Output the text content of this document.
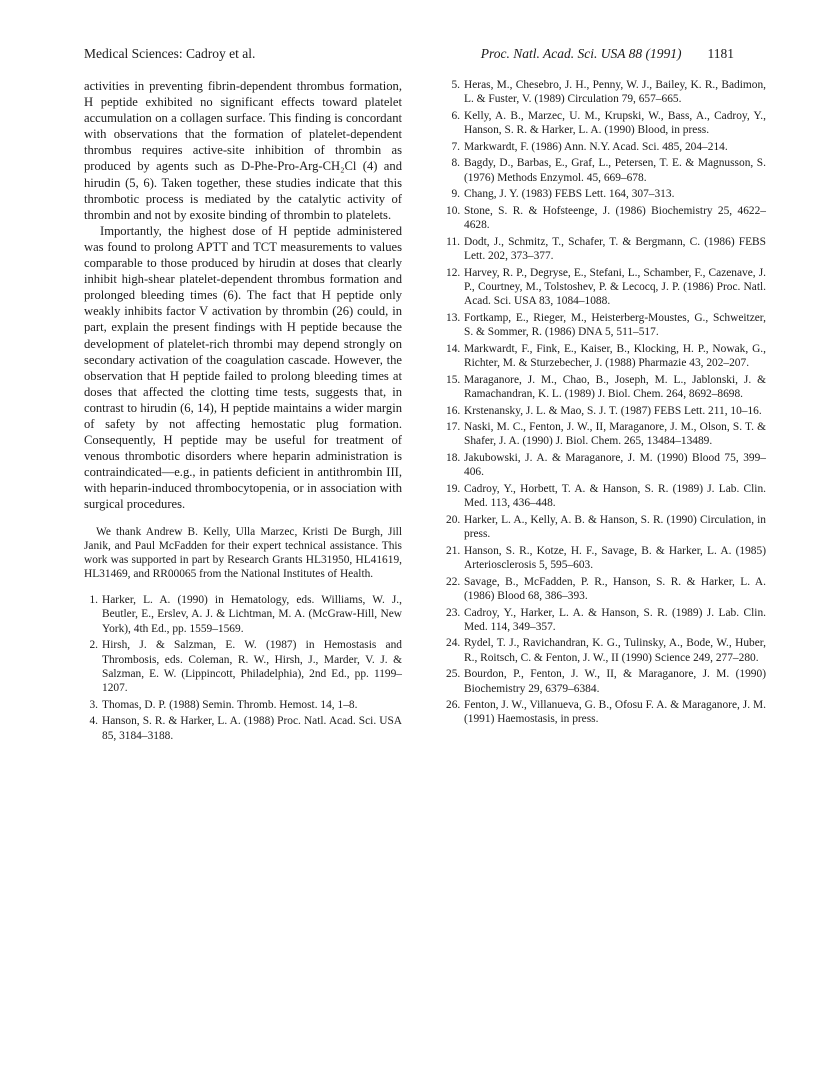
Medical Sciences: Cadroy et al.	Proc. Natl. Acad. Sci. USA 88 (1991) 1181

activities in preventing fibrin-dependent thrombus formation, H peptide exhibited no significant effects toward platelet accumulation on a collagen surface. This finding is concordant with observations that the formation of platelet-dependent thrombus requires active-site inhibition of thrombin as produced by agents such as D-Phe-Pro-Arg-CH₂Cl (4) and hirudin (5, 6). Taken together, these studies indicate that this thrombotic process is mediated by the catalytic activity of thrombin and not by exosite binding of thrombin to platelets.

Importantly, the highest dose of H peptide administered was found to prolong APTT and TCT measurements to values comparable to those produced by hirudin at doses that clearly inhibit high-shear platelet-dependent thrombus formation and prolonged bleeding times (6). The fact that H peptide only weakly inhibits factor V activation by thrombin (26) could, in part, explain the present findings with H peptide because the development of platelet-rich thrombi may depend strongly on secondary activation of the coagulation cascade. However, the observation that H peptide failed to prolong bleeding times at doses that affected the clotting time tests, suggests that, in contrast to hirudin (6, 14), H peptide maintains a wider margin of safety by not affecting hemostatic plug formation. Consequently, H peptide may be useful for treatment of venous thrombotic disorders where heparin administration is contraindicated—e.g., in patients deficient in antithrombin III, with heparin-induced thrombocytopenia, or in association with surgical procedures.

We thank Andrew B. Kelly, Ulla Marzec, Kristi De Burgh, Jill Janik, and Paul McFadden for their expert technical assistance. This work was supported in part by Research Grants HL31950, HL41619, HL31469, and RR00065 from the National Institutes of Health.

1. Harker, L. A. (1990) in Hematology, eds. Williams, W. J., Beutler, E., Erslev, A. J. & Lichtman, M. A. (McGraw-Hill, New York), 4th Ed., pp. 1559–1569.
2. Hirsh, J. & Salzman, E. W. (1987) in Hemostasis and Thrombosis, eds. Coleman, R. W., Hirsh, J., Marder, V. J. & Salzman, E. W. (Lippincott, Philadelphia), 2nd Ed., pp. 1199–1207.
3. Thomas, D. P. (1988) Semin. Thromb. Hemost. 14, 1–8.
4. Hanson, S. R. & Harker, L. A. (1988) Proc. Natl. Acad. Sci. USA 85, 3184–3188.
5. Heras, M., Chesebro, J. H., Penny, W. J., Bailey, K. R., Badimon, L. & Fuster, V. (1989) Circulation 79, 657–665.
6. Kelly, A. B., Marzec, U. M., Krupski, W., Bass, A., Cadroy, Y., Hanson, S. R. & Harker, L. A. (1990) Blood, in press.
7. Markwardt, F. (1986) Ann. N.Y. Acad. Sci. 485, 204–214.
8. Bagdy, D., Barbas, E., Graf, L., Petersen, T. E. & Magnusson, S. (1976) Methods Enzymol. 45, 669–678.
9. Chang, J. Y. (1983) FEBS Lett. 164, 307–313.
10. Stone, S. R. & Hofsteenge, J. (1986) Biochemistry 25, 4622–4628.
11. Dodt, J., Schmitz, T., Schafer, T. & Bergmann, C. (1986) FEBS Lett. 202, 373–377.
12. Harvey, R. P., Degryse, E., Stefani, L., Schamber, F., Cazenave, J. P., Courtney, M., Tolstoshev, P. & Lecocq, J. P. (1986) Proc. Natl. Acad. Sci. USA 83, 1084–1088.
13. Fortkamp, E., Rieger, M., Heisterberg-Moustes, G., Schweitzer, S. & Sommer, R. (1986) DNA 5, 511–517.
14. Markwardt, F., Fink, E., Kaiser, B., Klocking, H. P., Nowak, G., Richter, M. & Sturzebecher, J. (1988) Pharmazie 43, 202–207.
15. Maraganore, J. M., Chao, B., Joseph, M. L., Jablonski, J. & Ramachandran, K. L. (1989) J. Biol. Chem. 264, 8692–8698.
16. Krstenansky, J. L. & Mao, S. J. T. (1987) FEBS Lett. 211, 10–16.
17. Naski, M. C., Fenton, J. W., II, Maraganore, J. M., Olson, S. T. & Shafer, J. A. (1990) J. Biol. Chem. 265, 13484–13489.
18. Jakubowski, J. A. & Maraganore, J. M. (1990) Blood 75, 399–406.
19. Cadroy, Y., Horbett, T. A. & Hanson, S. R. (1989) J. Lab. Clin. Med. 113, 436–448.
20. Harker, L. A., Kelly, A. B. & Hanson, S. R. (1990) Circulation, in press.
21. Hanson, S. R., Kotze, H. F., Savage, B. & Harker, L. A. (1985) Arteriosclerosis 5, 595–603.
22. Savage, B., McFadden, P. R., Hanson, S. R. & Harker, L. A. (1986) Blood 68, 386–393.
23. Cadroy, Y., Harker, L. A. & Hanson, S. R. (1989) J. Lab. Clin. Med. 114, 349–357.
24. Rydel, T. J., Ravichandran, K. G., Tulinsky, A., Bode, W., Huber, R., Roitsch, C. & Fenton, J. W., II (1990) Science 249, 277–280.
25. Bourdon, P., Fenton, J. W., II, & Maraganore, J. M. (1990) Biochemistry 29, 6379–6384.
26. Fenton, J. W., Villanueva, G. B., Ofosu F. A. & Maraganore, J. M. (1991) Haemostasis, in press.
